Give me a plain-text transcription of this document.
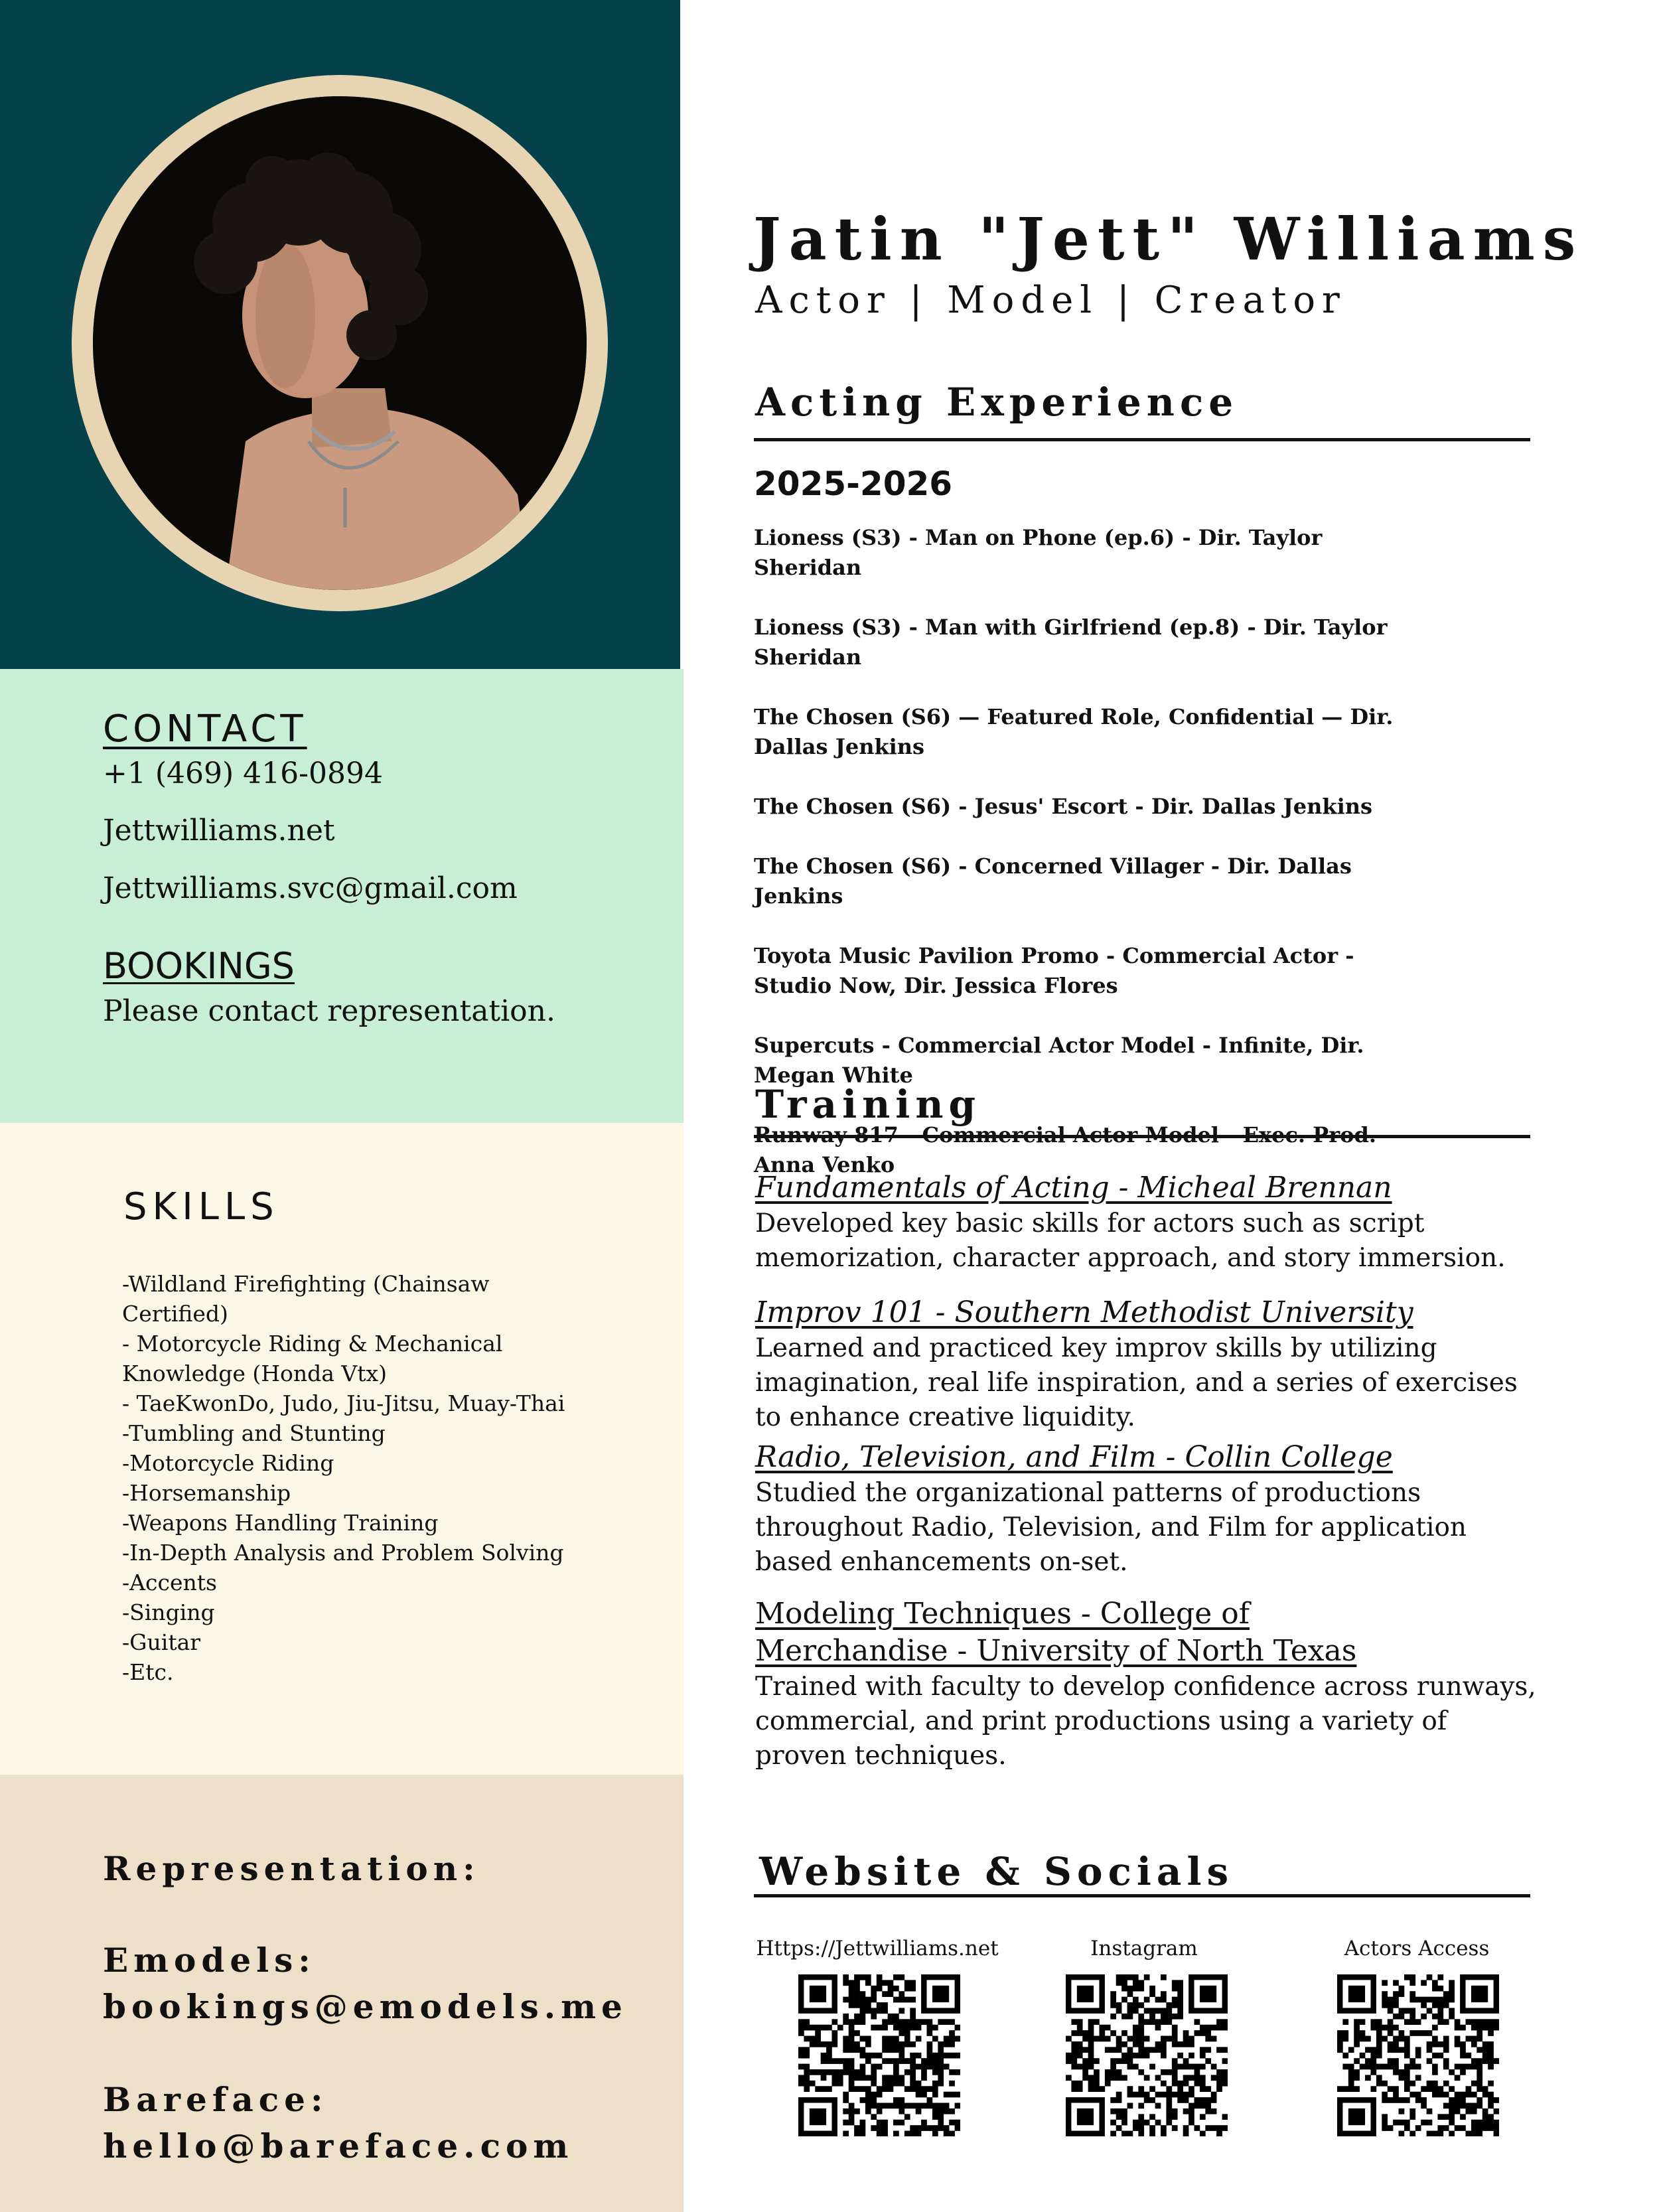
CONTACT
+1 (469) 416-0894
Jettwilliams.net
Jettwilliams.svc@gmail.com
BOOKINGS
Please contact representation.
SKILLS
-Wildland Firefighting (Chainsaw Certified)
- Motorcycle Riding & Mechanical Knowledge (Honda Vtx)
- TaeKwonDo, Judo, Jiu-Jitsu, Muay-Thai
-Tumbling and Stunting
-Motorcycle Riding
-Horsemanship
-Weapons Handling Training
-In-Depth Analysis and Problem Solving
-Accents
-Singing
-Guitar
-Etc.
Representation:
Emodels:
bookings@emodels.me
Bareface:
hello@bareface.com
Jatin "Jett" Williams
Actor | Model | Creator
Acting Experience
2025-2026
Lioness (S3) - Man on Phone (ep.6) - Dir. Taylor Sheridan
Lioness (S3) - Man with Girlfriend (ep.8) - Dir. Taylor Sheridan
The Chosen (S6) — Featured Role, Confidential — Dir. Dallas Jenkins
The Chosen (S6) - Jesus' Escort - Dir. Dallas Jenkins
The Chosen (S6) - Concerned Villager - Dir. Dallas Jenkins
Toyota Music Pavilion Promo - Commercial Actor - Studio Now, Dir. Jessica Flores
Supercuts - Commercial Actor Model - Infinite, Dir. Megan White
Anna Venko
Training
Fundamentals of Acting - Micheal Brennan
Developed key basic skills for actors such as script memorization, character approach, and story immersion.
Improv 101 - Southern Methodist University
Learned and practiced key improv skills by utilizing imagination, real life inspiration, and a series of exercises to enhance creative liquidity.
Radio, Television, and Film - Collin College
Studied the organizational patterns of productions throughout Radio, Television, and Film for application based enhancements on-set.
Modeling Techniques - College of Merchandise - University of North Texas
Trained with faculty to develop confidence across runways, commercial, and print productions using a variety of proven techniques.
Website & Socials
Https://Jettwilliams.net	Instagram	Actors Access
